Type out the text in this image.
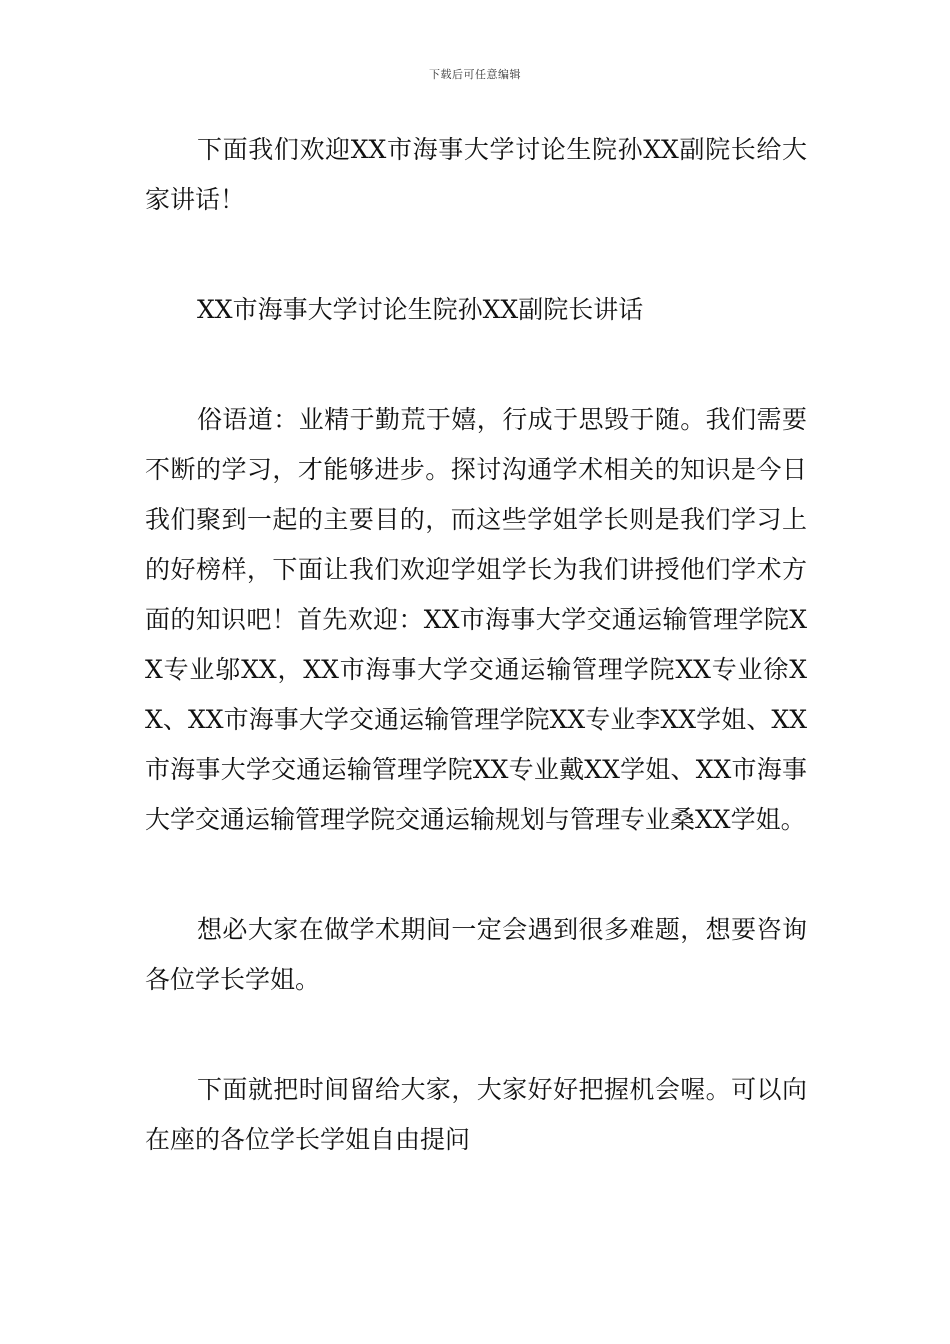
下载后可任意编辑

下面我们欢迎XX市海事大学讨论生院孙XX副院长给大家讲话！

XX市海事大学讨论生院孙XX副院长讲话

俗语道：业精于勤荒于嬉，行成于思毁于随。我们需要不断的学习，才能够进步。探讨沟通学术相关的知识是今日我们聚到一起的主要目的，而这些学姐学长则是我们学习上的好榜样，下面让我们欢迎学姐学长为我们讲授他们学术方面的知识吧！首先欢迎：XX市海事大学交通运输管理学院XX专业邬XX，XX市海事大学交通运输管理学院XX专业徐XX、XX市海事大学交通运输管理学院XX专业李XX学姐、XX市海事大学交通运输管理学院XX专业戴XX学姐、XX市海事大学交通运输管理学院交通运输规划与管理专业桑XX学姐。

想必大家在做学术期间一定会遇到很多难题，想要咨询各位学长学姐。

下面就把时间留给大家，大家好好把握机会喔。可以向在座的各位学长学姐自由提问
